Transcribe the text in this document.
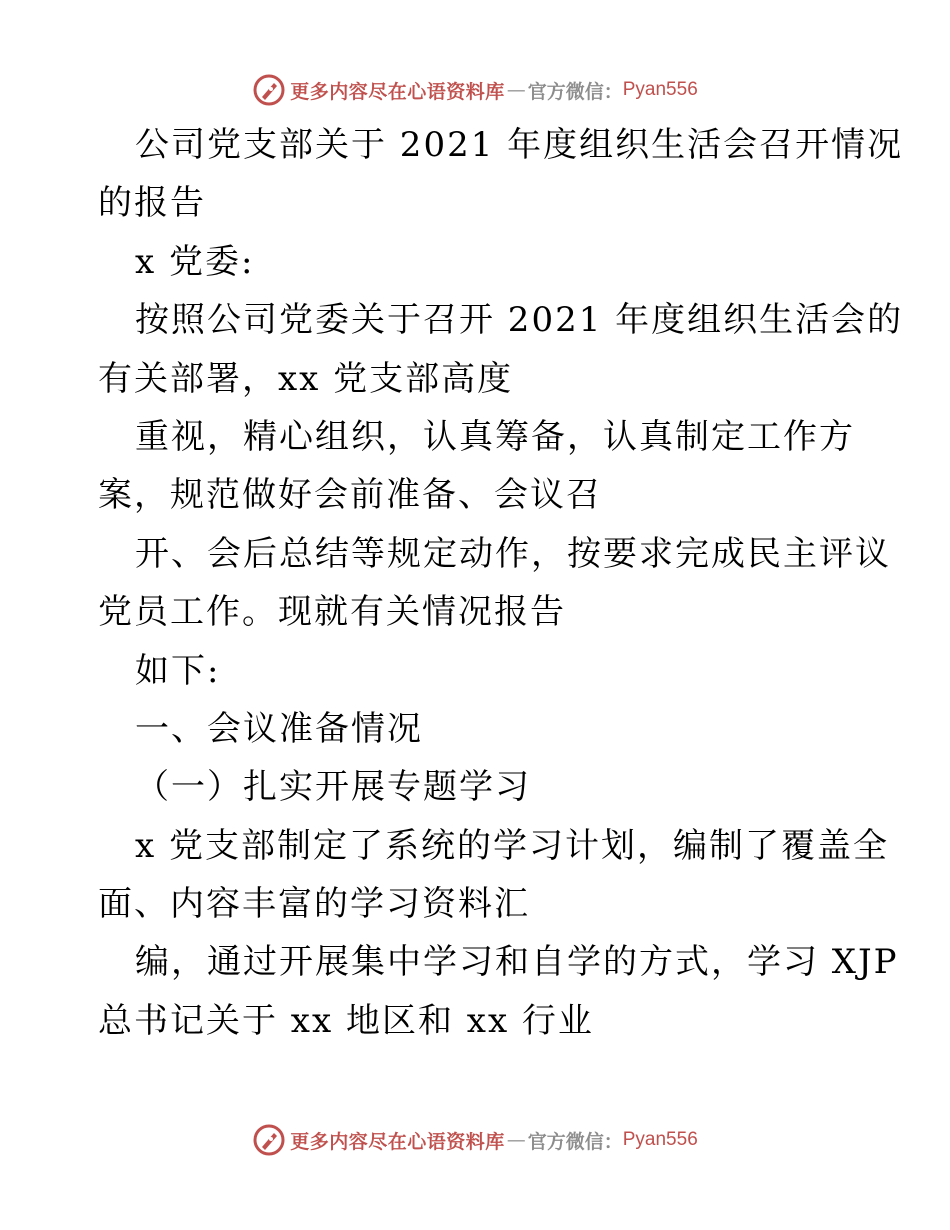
更多内容尽在心语资料库 — 官方微信： Pyan556
公司党支部关于 2021 年度组织生活会召开情况
的报告
x 党委:
按照公司党委关于召开 2021 年度组织生活会的
有关部署，xx 党支部高度
重视，精心组织，认真筹备，认真制定工作方
案，规范做好会前准备、会议召
开、会后总结等规定动作，按要求完成民主评议
党员工作。现就有关情况报告
如下:
一、会议准备情况
（一）扎实开展专题学习
x 党支部制定了系统的学习计划，编制了覆盖全
面、内容丰富的学习资料汇
编，通过开展集中学习和自学的方式，学习 XJP
总书记关于 xx 地区和 xx 行业
更多内容尽在心语资料库 — 官方微信： Pyan556
